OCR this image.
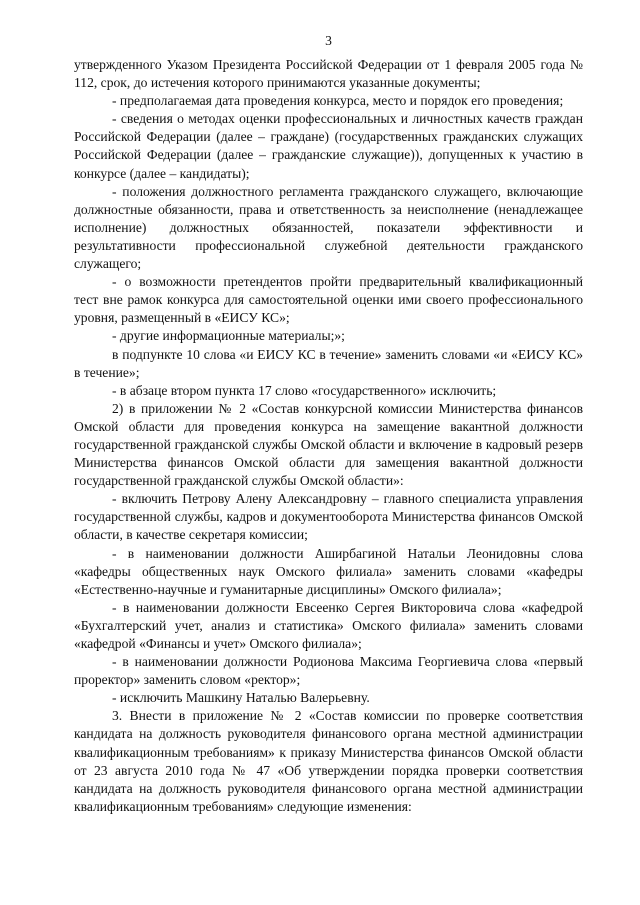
3

утвержденного Указом Президента Российской Федерации от 1 февраля 2005 года № 112, срок, до истечения которого принимаются указанные документы;

- предполагаемая дата проведения конкурса, место и порядок его проведения;

- сведения о методах оценки профессиональных и личностных качеств граждан Российской Федерации (далее – граждане) (государственных гражданских служащих Российской Федерации (далее – гражданские служащие)), допущенных к участию в конкурсе (далее – кандидаты);

- положения должностного регламента гражданского служащего, включающие должностные обязанности, права и ответственность за неисполнение (ненадлежащее исполнение) должностных обязанностей, показатели эффективности и результативности профессиональной служебной деятельности гражданского служащего;

- о возможности претендентов пройти предварительный квалификационный тест вне рамок конкурса для самостоятельной оценки ими своего профессионального уровня, размещенный в «ЕИСУ КС»;

- другие информационные материалы;»;

в подпункте 10 слова «и ЕИСУ КС в течение» заменить словами «и «ЕИСУ КС» в течение»;

- в абзаце втором пункта 17 слово «государственного» исключить;

2) в приложении № 2 «Состав конкурсной комиссии Министерства финансов Омской области для проведения конкурса на замещение вакантной должности государственной гражданской службы Омской области и включение в кадровый резерв Министерства финансов Омской области для замещения вакантной должности государственной гражданской службы Омской области»:

- включить Петрову Алену Александровну – главного специалиста управления государственной службы, кадров и документооборота Министерства финансов Омской области, в качестве секретаря комиссии;

- в наименовании должности Аширбагиной Натальи Леонидовны слова «кафедры общественных наук Омского филиала» заменить словами «кафедры «Естественно-научные и гуманитарные дисциплины» Омского филиала»;

- в наименовании должности Евсеенко Сергея Викторовича слова «кафедрой «Бухгалтерский учет, анализ и статистика» Омского филиала» заменить словами «кафедрой «Финансы и учет» Омского филиала»;

- в наименовании должности Родионова Максима Георгиевича слова «первый проректор» заменить словом «ректор»;

- исключить Машкину Наталью Валерьевну.

3. Внести в приложение № 2 «Состав комиссии по проверке соответствия кандидата на должность руководителя финансового органа местной администрации квалификационным требованиям» к приказу Министерства финансов Омской области от 23 августа 2010 года № 47 «Об утверждении порядка проверки соответствия кандидата на должность руководителя финансового органа местной администрации квалификационным требованиям» следующие изменения:
